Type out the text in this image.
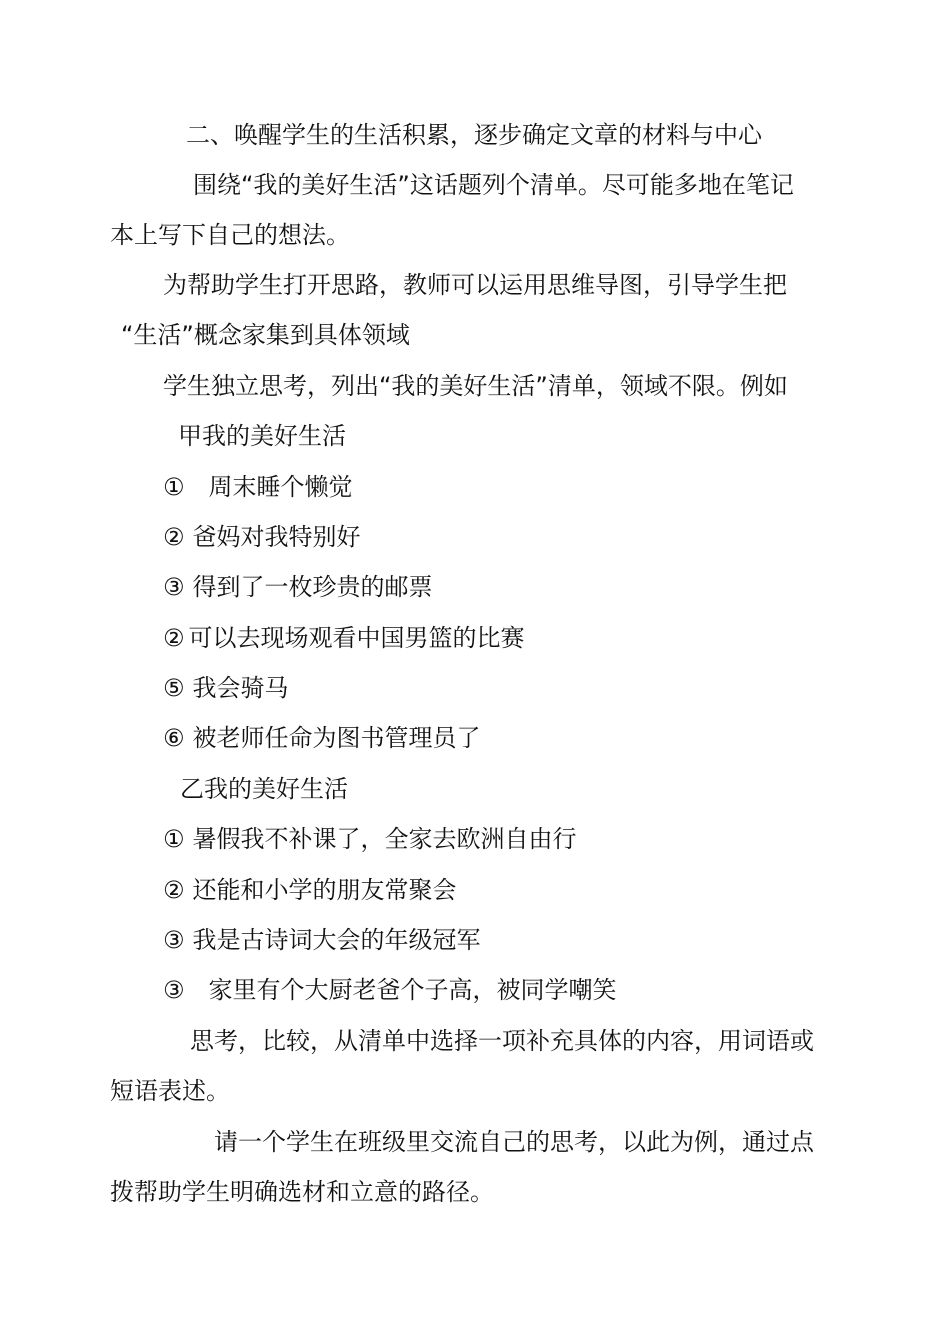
二、唤醒学生的生活积累，逐步确定文章的材料与中心

围绕“我的美好生活”这话题列个清单。尽可能多地在笔记

本上写下自己的想法。

为帮助学生打开思路，教师可以运用思维导图，引导学生把

“生活”概念家集到具体领域

学生独立思考，列出“我的美好生活”清单，领域不限。例如

甲我的美好生活

① 周末睡个懒觉

② 爸妈对我特别好

③ 得到了一枚珍贵的邮票

② 可以去现场观看中国男篮的比赛

⑤ 我会骑马

⑥ 被老师任命为图书管理员了

乙我的美好生活

① 暑假我不补课了，全家去欧洲自由行

② 还能和小学的朋友常聚会

③ 我是古诗词大会的年级冠军

③ 家里有个大厨老爸个子高，被同学嘲笑

思考，比较，从清单中选择一项补充具体的内容，用词语或

短语表述。

请一个学生在班级里交流自己的思考，以此为例，通过点

拨帮助学生明确选材和立意的路径。
